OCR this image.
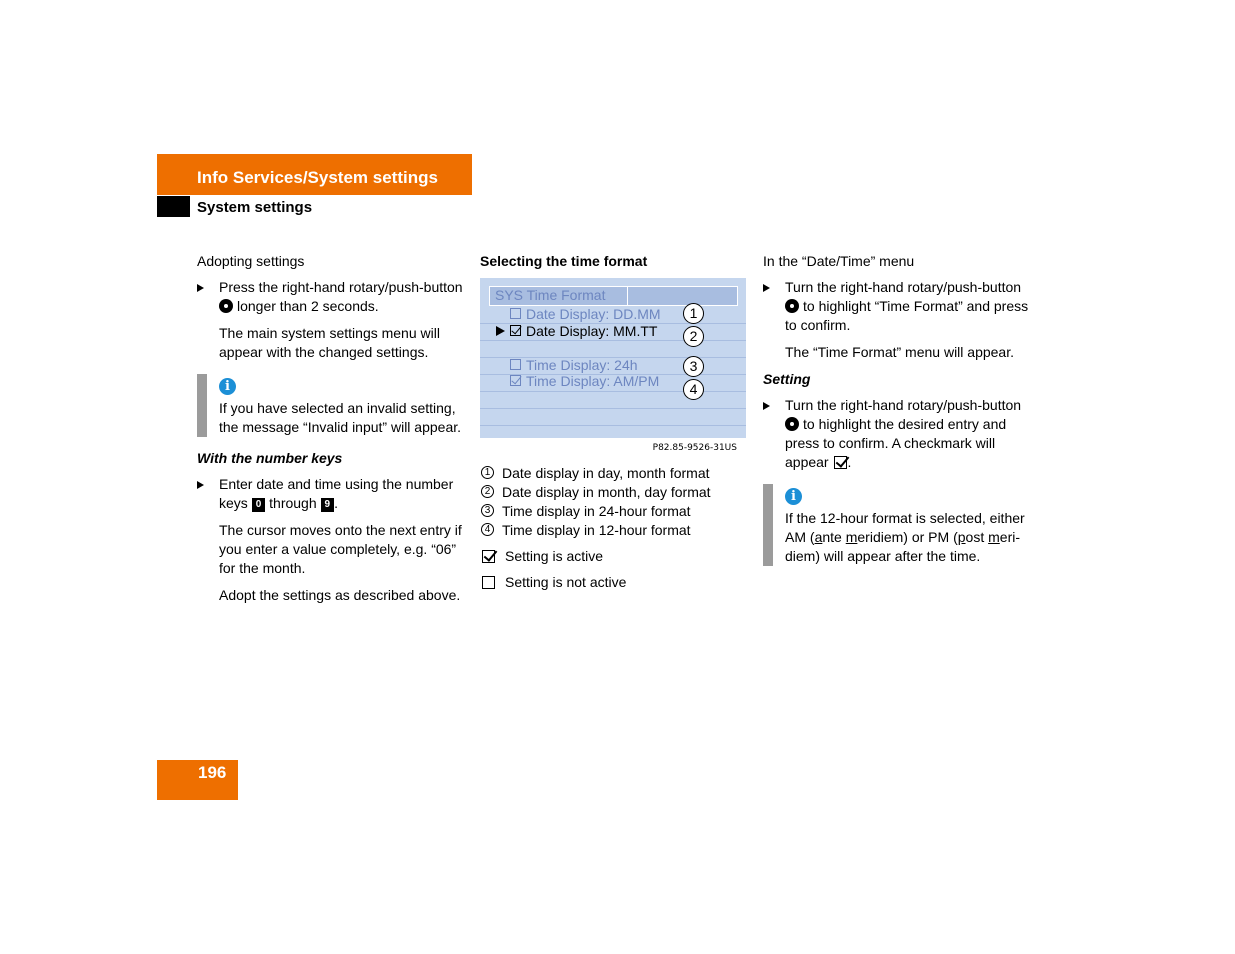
Info Services/System settings
System settings

Adopting settings

Press the right-hand rotary/push-button longer than 2 seconds.

The main system settings menu will appear with the changed settings.

i

If you have selected an invalid setting, the message “Invalid input” will appear.

With the number keys

Enter date and time using the number keys 0 through 9 .

The cursor moves onto the next entry if you enter a value completely, e.g. “06” for the month.

Adopt the settings as described above.

Selecting the time format

SYS Time Format
Date Display: DD.MM
Date Display: MM.TT
Time Display: 24h
Time Display: AM/PM
1
2
3
4
P82.85-9526-31US

1 Date display in day, month format

2 Date display in month, day format

3 Time display in 24-hour format

4 Time display in 12-hour format

Setting is active

Setting is not active

In the “Date/Time” menu

Turn the right-hand rotary/push-button to highlight “Time Format” and press to confirm.

The “Time Format” menu will appear.

Setting

Turn the right-hand rotary/push-button to highlight the desired entry and press to confirm. A checkmark will appear .

i

If the 12-hour format is selected, either AM (ante meridiem) or PM (post meri-diem) will appear after the time.

196
